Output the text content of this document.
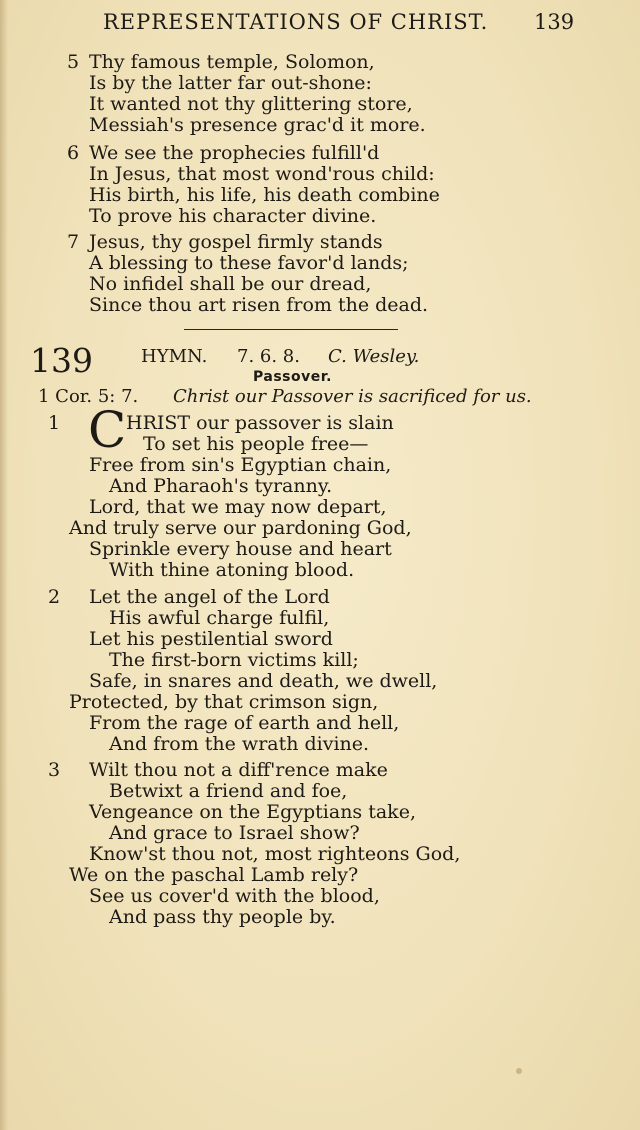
REPRESENTATIONS OF CHRIST. 139
5 Thy famous temple, Solomon,
Is by the latter far out-shone:
It wanted not thy glittering store,
Messiah's presence grac'd it more.
6 We see the prophecies fulfill'd
In Jesus, that most wond'rous child:
His birth, his life, his death combine
To prove his character divine.
7 Jesus, thy gospel firmly stands
A blessing to these favor'd lands;
No infidel shall be our dread,
Since thou art risen from the dead.
139	HYMN. 7. 6. 8. C. Wesley.
Passover.
1 Cor. 5: 7. Christ our Passover is sacrificed for us.
1 C HRIST our passover is slain
To set his people free—
Free from sin's Egyptian chain,
And Pharaoh's tyranny.
Lord, that we may now depart,
And truly serve our pardoning God,
Sprinkle every house and heart
With thine atoning blood.
2 Let the angel of the Lord
His awful charge fulfil,
Let his pestilential sword
The first-born victims kill;
Safe, in snares and death, we dwell,
Protected, by that crimson sign,
From the rage of earth and hell,
And from the wrath divine.
3 Wilt thou not a diff'rence make
Betwixt a friend and foe,
Vengeance on the Egyptians take,
And grace to Israel show?
Know'st thou not, most righteons God,
We on the paschal Lamb rely?
See us cover'd with the blood,
And pass thy people by.
